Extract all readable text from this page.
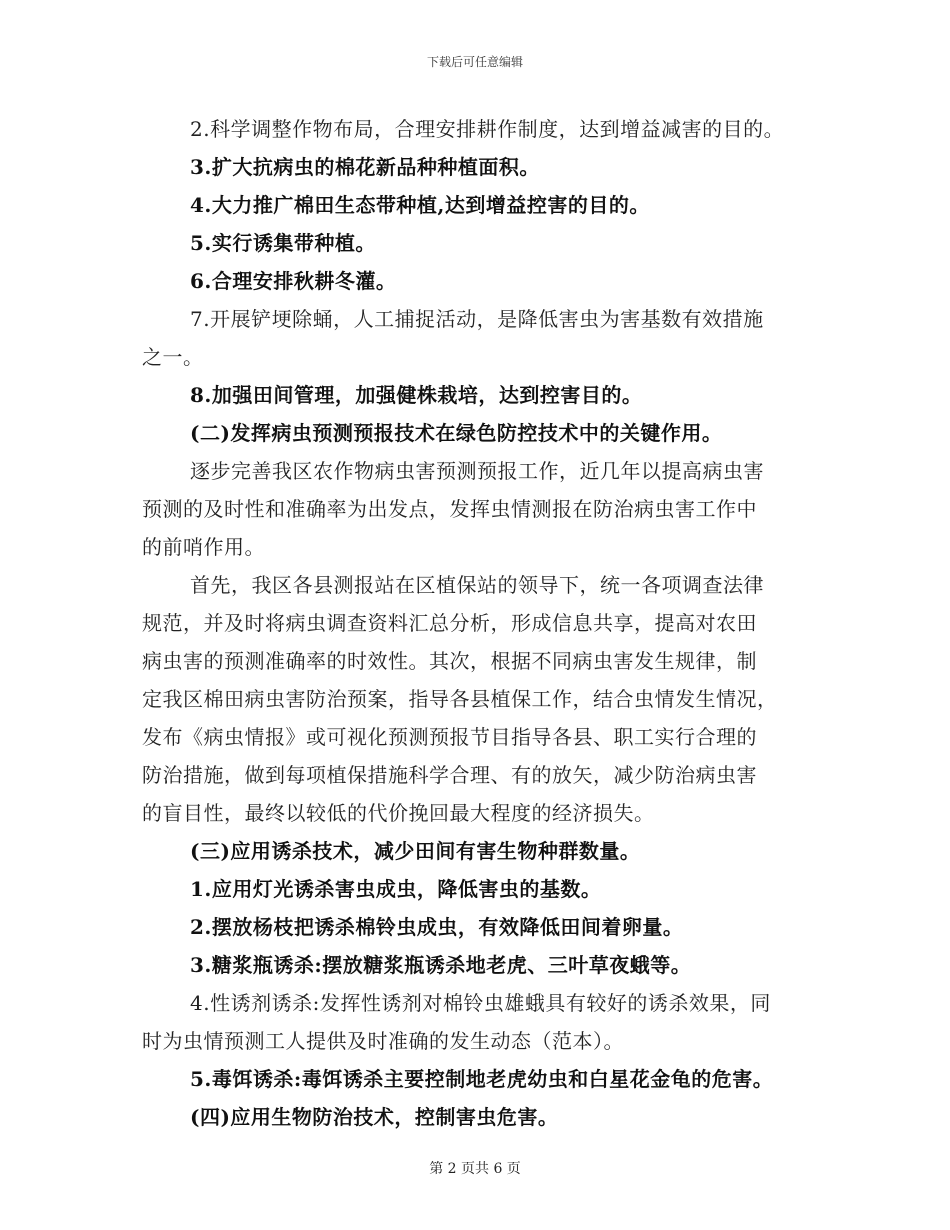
下载后可任意编辑
2.科学调整作物布局，合理安排耕作制度，达到增益减害的目的。
3.扩大抗病虫的棉花新品种种植面积。
4.大力推广棉田生态带种植,达到增益控害的目的。
5.实行诱集带种植。
6.合理安排秋耕冬灌。
7.开展铲埂除蛹，人工捕捉活动，是降低害虫为害基数有效措施
之一。
8.加强田间管理，加强健株栽培，达到控害目的。
(二)发挥病虫预测预报技术在绿色防控技术中的关键作用。
逐步完善我区农作物病虫害预测预报工作，近几年以提高病虫害
预测的及时性和准确率为出发点，发挥虫情测报在防治病虫害工作中
的前哨作用。
首先，我区各县测报站在区植保站的领导下，统一各项调查法律
规范，并及时将病虫调查资料汇总分析，形成信息共享，提高对农田
病虫害的预测准确率的时效性。其次，根据不同病虫害发生规律，制
定我区棉田病虫害防治预案，指导各县植保工作，结合虫情发生情况，
发布《病虫情报》或可视化预测预报节目指导各县、职工实行合理的
防治措施，做到每项植保措施科学合理、有的放矢，减少防治病虫害
的盲目性，最终以较低的代价挽回最大程度的经济损失。
(三)应用诱杀技术，减少田间有害生物种群数量。
1.应用灯光诱杀害虫成虫，降低害虫的基数。
2.摆放杨枝把诱杀棉铃虫成虫，有效降低田间着卵量。
3.糖浆瓶诱杀:摆放糖浆瓶诱杀地老虎、三叶草夜蛾等。
4.性诱剂诱杀:发挥性诱剂对棉铃虫雄蛾具有较好的诱杀效果，同
时为虫情预测工人提供及时准确的发生动态（范本）。
5.毒饵诱杀:毒饵诱杀主要控制地老虎幼虫和白星花金龟的危害。
(四)应用生物防治技术，控制害虫危害。
第 2 页共 6 页
